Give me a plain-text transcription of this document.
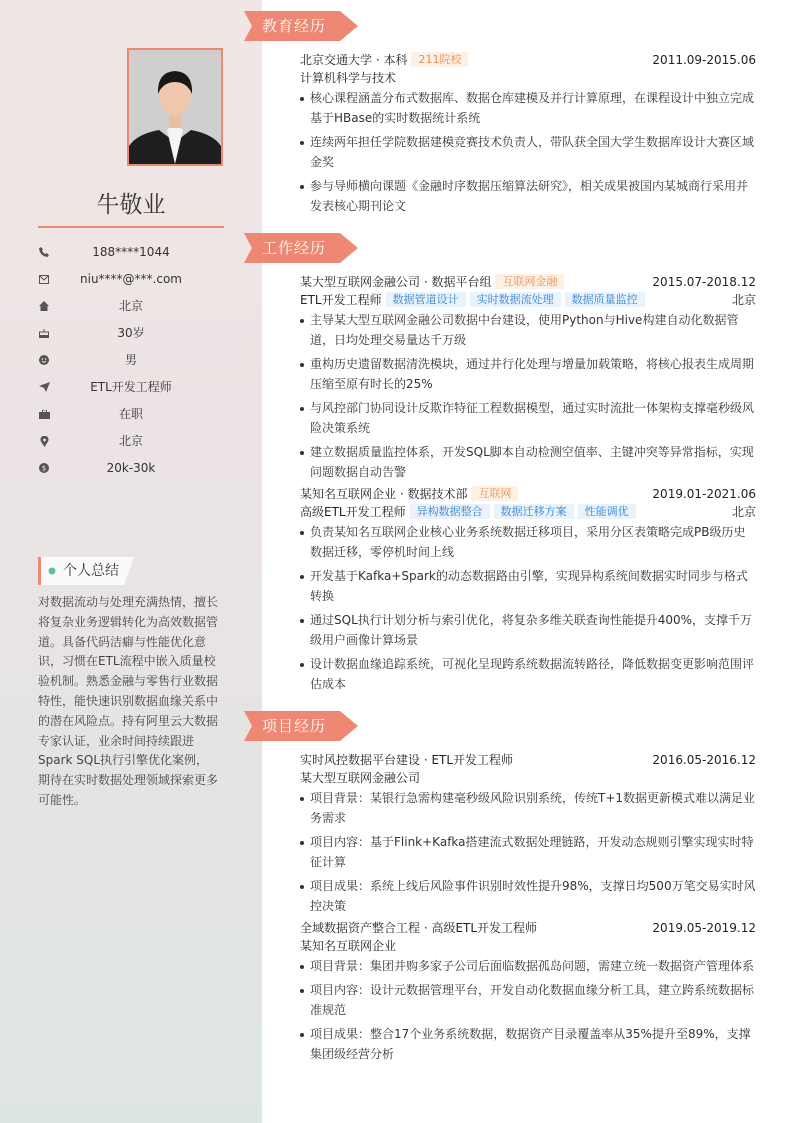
牛敬业
188****1044
niu****@***.com
北京
30岁
男
ETL开发工程师
在职
北京
$	20k-30k
个人总结
对数据流动与处理充满热情，擅长将复杂业务逻辑转化为高效数据管道。具备代码洁癖与性能优化意识，习惯在ETL流程中嵌入质量校验机制。熟悉金融与零售行业数据特性，能快速识别数据血缘关系中的潜在风险点。持有阿里云大数据专家认证，业余时间持续跟进Spark SQL执行引擎优化案例，期待在实时数据处理领域探索更多可能性。
教育经历
北京交通大学 · 本科 211院校	2011.09-2015.06
计算机科学与技术
核心课程涵盖分布式数据库、数据仓库建模及并行计算原理，在课程设计中独立完成基于HBase的实时数据统计系统
连续两年担任学院数据建模竞赛技术负责人，带队获全国大学生数据库设计大赛区域金奖
参与导师横向课题《金融时序数据压缩算法研究》，相关成果被国内某城商行采用并发表核心期刊论文
工作经历
某大型互联网金融公司 · 数据平台组 互联网金融	2015.07-2018.12
ETL开发工程师 数据管道设计 实时数据流处理 数据质量监控	北京
主导某大型互联网金融公司数据中台建设，使用Python与Hive构建自动化数据管道，日均处理交易量达千万级
重构历史遗留数据清洗模块，通过并行化处理与增量加载策略，将核心报表生成周期压缩至原有时长的25%
与风控部门协同设计反欺诈特征工程数据模型，通过实时流批一体架构支撑毫秒级风险决策系统
建立数据质量监控体系，开发SQL脚本自动检测空值率、主键冲突等异常指标，实现问题数据自动告警
某知名互联网企业 · 数据技术部 互联网	2019.01-2021.06
高级ETL开发工程师 异构数据整合 数据迁移方案 性能调优	北京
负责某知名互联网企业核心业务系统数据迁移项目，采用分区表策略完成PB级历史数据迁移，零停机时间上线
开发基于Kafka+Spark的动态数据路由引擎，实现异构系统间数据实时同步与格式转换
通过SQL执行计划分析与索引优化，将复杂多维关联查询性能提升400%，支撑千万级用户画像计算场景
设计数据血缘追踪系统，可视化呈现跨系统数据流转路径，降低数据变更影响范围评估成本
项目经历
实时风控数据平台建设 · ETL开发工程师	2016.05-2016.12
某大型互联网金融公司
项目背景：某银行急需构建毫秒级风险识别系统，传统T+1数据更新模式难以满足业务需求
项目内容：基于Flink+Kafka搭建流式数据处理链路，开发动态规则引擎实现实时特征计算
项目成果：系统上线后风险事件识别时效性提升98%，支撑日均500万笔交易实时风控决策
全域数据资产整合工程 · 高级ETL开发工程师	2019.05-2019.12
某知名互联网企业
项目背景：集团并购多家子公司后面临数据孤岛问题，需建立统一数据资产管理体系
项目内容：设计元数据管理平台，开发自动化数据血缘分析工具，建立跨系统数据标准规范
项目成果：整合17个业务系统数据，数据资产目录覆盖率从35%提升至89%，支撑集团级经营分析
